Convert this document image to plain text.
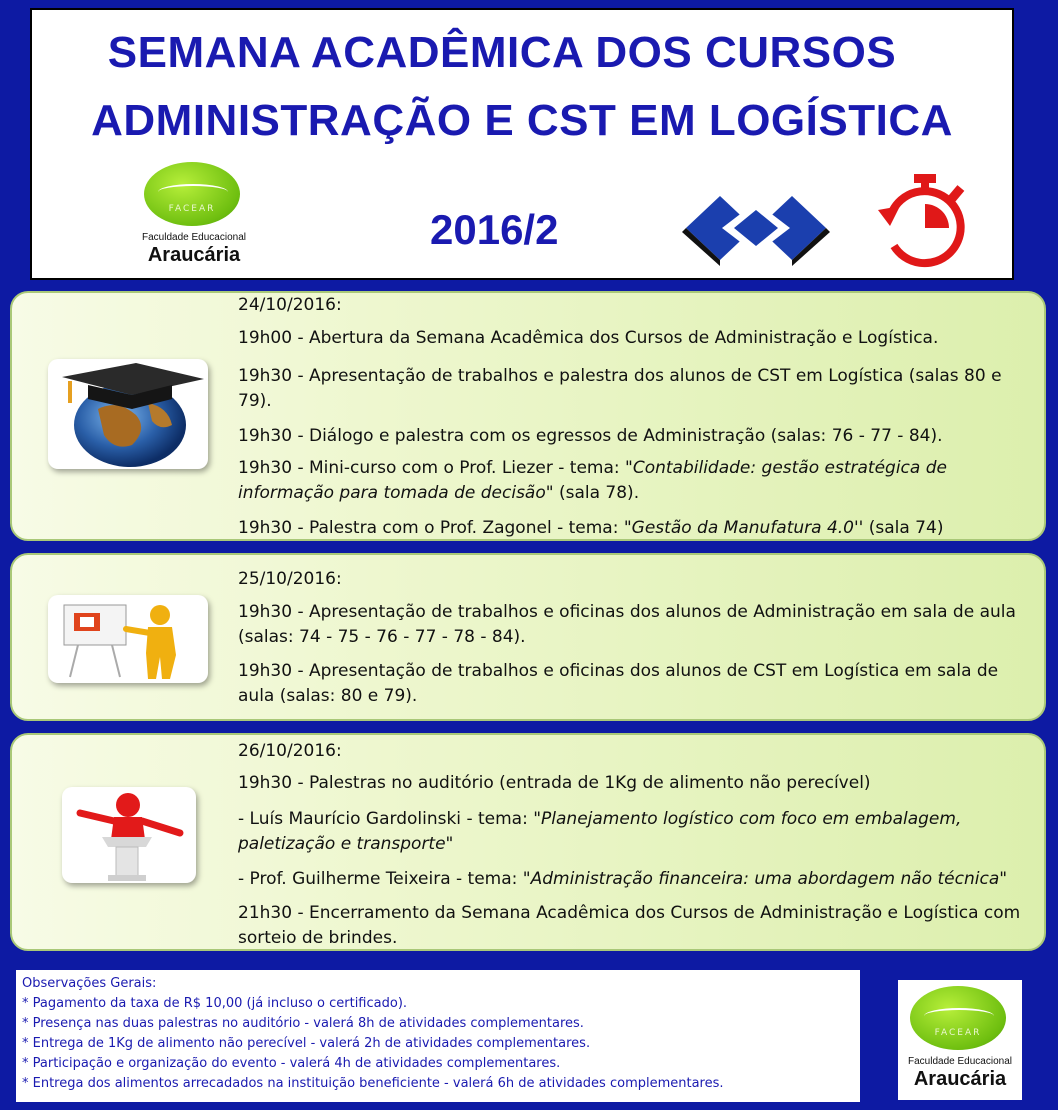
SEMANA ACADÊMICA DOS CURSOS
ADMINISTRAÇÃO E CST EM LOGÍSTICA
FACEAR
Faculdade Educacional
Araucária
2016/2
24/10/2016:
19h00 - Abertura da Semana Acadêmica dos Cursos de Administração e Logística.
19h30 - Apresentação de trabalhos e palestra dos alunos de CST em Logística (salas 80 e
79).
19h30 - Diálogo e palestra com os egressos de Administração (salas: 76 - 77 - 84).
19h30 - Mini-curso com o Prof. Liezer - tema: "Contabilidade: gestão estratégica de
informação para tomada de decisão" (sala 78).
19h30 - Palestra com o Prof. Zagonel - tema: "Gestão da Manufatura 4.0'' (sala 74)
25/10/2016:
19h30 - Apresentação de trabalhos e oficinas dos alunos de Administração em sala de aula
(salas: 74 - 75 - 76 - 77 - 78 - 84).
19h30 - Apresentação de trabalhos e oficinas dos alunos de CST em Logística em sala de
aula (salas: 80 e 79).
26/10/2016:
19h30 - Palestras no auditório (entrada de 1Kg de alimento não perecível)
- Luís Maurício Gardolinski - tema: "Planejamento logístico com foco em embalagem,
paletização e transporte"
- Prof. Guilherme Teixeira - tema: "Administração financeira: uma abordagem não técnica"
21h30 - Encerramento da Semana Acadêmica dos Cursos de Administração e Logística com
sorteio de brindes.
Observações Gerais:
* Pagamento da taxa de R$ 10,00 (já incluso o certificado).
* Presença nas duas palestras no auditório - valerá 8h de atividades complementares.
* Entrega de 1Kg de alimento não perecível - valerá 2h de atividades complementares.
* Participação e organização do evento - valerá 4h de atividades complementares.
* Entrega dos alimentos arrecadados na instituição beneficiente - valerá 6h de atividades complementares.
FACEAR
Faculdade Educacional
Araucária
